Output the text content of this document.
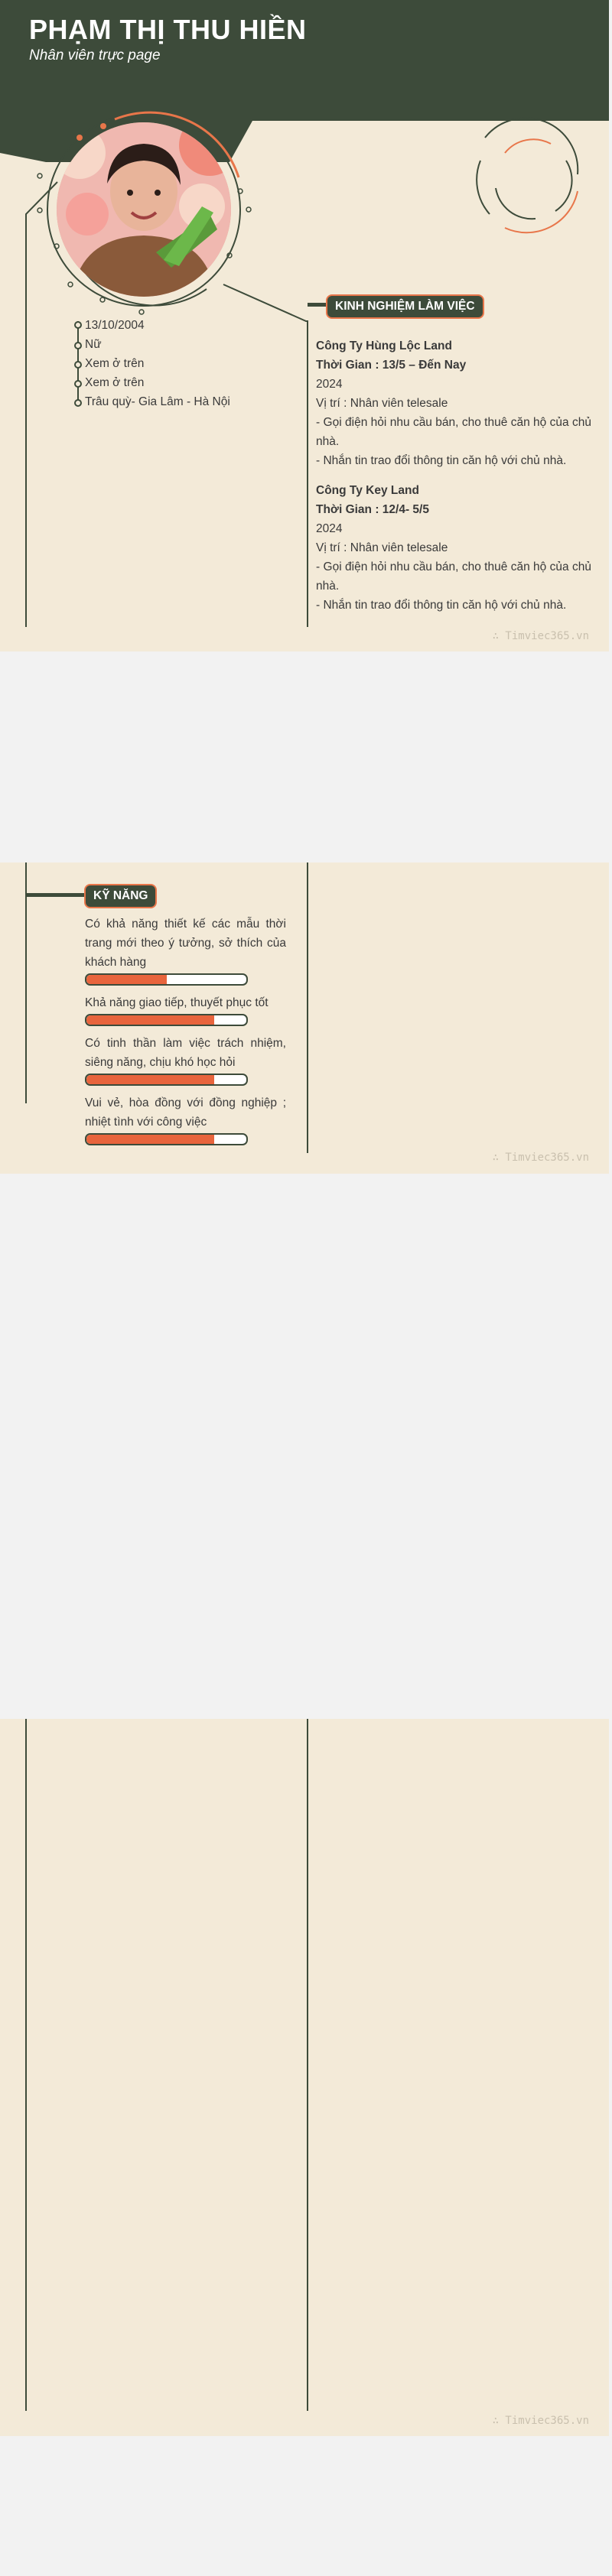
PHẠM THỊ THU HIỀN

Nhân viên trực page

13/10/2004
Nữ
Xem ở trên
Xem ở trên
Trâu quỳ- Gia Lâm - Hà Nội
KINH NGHIỆM LÀM VIỆC

Công Ty Hùng Lộc Land

Thời Gian : 13/5 – Đến Nay

2024

Vị trí : Nhân viên telesale

- Gọi điện hỏi nhu cầu bán, cho thuê căn hộ của chủ nhà.

- Nhắn tin trao đổi thông tin căn hộ với chủ nhà.

Công Ty Key Land

Thời Gian : 12/4- 5/5

2024

Vị trí : Nhân viên telesale

- Gọi điện hỏi nhu cầu bán, cho thuê căn hộ của chủ nhà.

- Nhắn tin trao đổi thông tin căn hộ với chủ nhà.

∴ Timviec365.vn
KỸ NĂNG

Có khả năng thiết kế các mẫu thời trang mới theo ý tưởng, sở thích của khách hàng

Khả năng giao tiếp, thuyết phục tốt

Có tinh thần làm việc trách nhiệm, siêng năng, chịu khó học hỏi

Vui vẻ, hòa đồng với đồng nghiệp ; nhiệt tình với công việc

∴ Timviec365.vn
∴ Timviec365.vn
